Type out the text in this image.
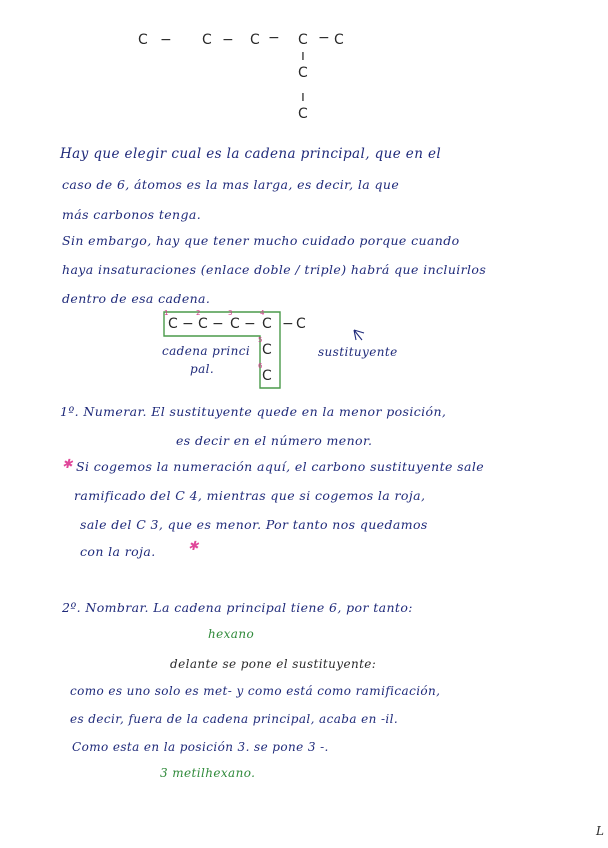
C − C − C − C − C
ı
C
ı
C
Hay que elegir cual es la cadena principal, que en el
caso de 6, átomos es la mas larga, es decir, la que
más carbonos tenga.
Sin embargo, hay que tener mucho cuidado porque cuando
haya insaturaciones (enlace doble / triple) habrá que incluirlos
dentro de esa cadena.
C
1
− C
2
− C
3
− C
4
− C
C
5
C
6
cadena princi
pal.
sustituyente
1º. Numerar. El sustituyente quede en la menor posición,
es decir en el número menor.
✱ Si cogemos la numeración aquí, el carbono sustituyente sale
ramificado del C 4, mientras que si cogemos la roja,
sale del C 3, que es menor. Por tanto nos quedamos
con la roja.	✱
2º. Nombrar. La cadena principal tiene 6, por tanto:
hexano
delante se pone el sustituyente:
como es uno solo es met- y como está como ramificación,
es decir, fuera de la cadena principal, acaba en -il.
Como esta en la posición 3. se pone 3 -.
3 metilhexano.
L
